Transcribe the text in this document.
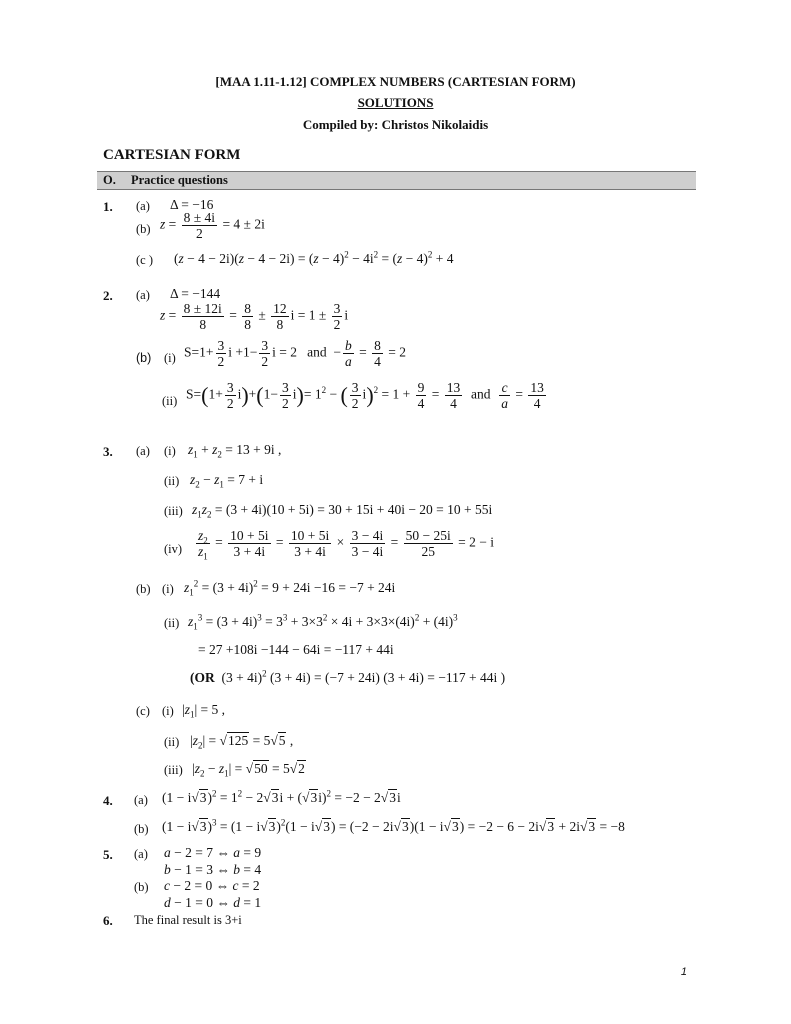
[MAA 1.11-1.12] COMPLEX NUMBERS (CARTESIAN FORM)
SOLUTIONS
Compiled by: Christos Nikolaidis
CARTESIAN FORM
O. Practice questions
1. (a) Δ = −16
(b) $z = \frac{8 \pm 4i}{2} = 4 \pm 2i$
(c ) $(z - 4 - 2i)(z - 4 - 2i) = (z - 4)^2 - 4i^2 = (z - 4)^2 + 4$
2. (a) Δ = −144
$z = \frac{8 \pm 12i}{8} = \frac{8}{8} \pm \frac{12}{8}$ $i = 1 \pm \frac{3}{2}$ i
(b) (i) $S=1+ \frac{3}{2}$ $i +1- \frac{3}{2}$ i = 2   and  − $\frac{b}{a} = \frac{8}{4} = 2$
(ii) $S=(1+ \frac{3}{2} i)+(1- \frac{3}{2} i)= 1^2$ − ( $\frac{3}{2} i)^2 = 1 + \frac{9}{4} = \frac{13}{4}$ and $\frac{c}{a} = \frac{13}{4}$
3. (a) (i) $z_1 + z_2 = 13 + 9i$ ,
(ii) $z_2 - z_1 = 7 + i$
(iii) $z_1z_2 = (3 + 4i)(10 + 5i) = 30 + 15i + 40i - 20 = 10 + 55i$
$(iv) \frac{z_2}{z_1} = \frac{10 + 5i}{3 + 4i} = \frac{10 + 5i}{3 + 4i} \times \frac{3 - 4i}{3 - 4i} = \frac{50 - 25i}{25} = 2 - i$
(b) (i) $z_1^2 = (3 + 4i)^2 = 9 + 24i -16 = -7 + 24i$
(ii) $z_1^3 = (3 + 4i)^3 = 3^3 + 3\times 3^2 \times 4i + 3\times 3\times(4i)^2 + (4i)^3$
= 27 +108i −144 − 64i = −117 + 44i
(OR  $(3 + 4i)^2$ (3 + 4i) = (−7 + 24i) (3 + 4i) = −117 + 44i )
(c) (i) $|z_1| = 5$ ,
(ii) $|z_2| = √125 = 5√5$ ,
(iii) $|z_2 - z_1| = √50 = 5√2$
4. (a) $(1 - i√3)^2 = 1^2 - 2√3i + (√3i)^2 = -2 - 2√3i$
(b) $(1 - i√3)^3 = (1 - i√3)^2(1 - i√3) = (-2 - 2i√3)(1 - i√3) = -2 - 6 - 2i√3 + 2i√3 = -8$
5. (a) a − 2 = 7 ⇔ a = 9
b − 1 = 3 ⇔ b = 4
(b) c − 2 = 0 ⇔ c = 2
d − 1 = 0 ⇔ d = 1
6. The final result is 3+i
1
